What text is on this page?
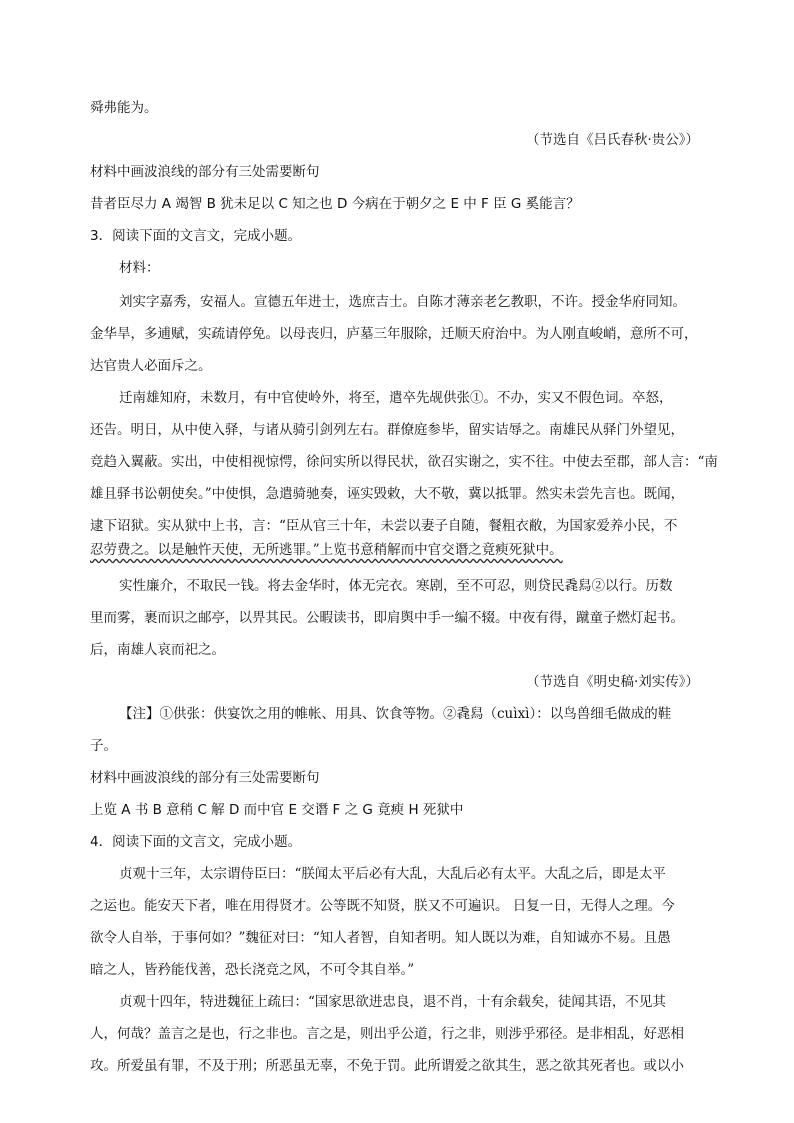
舜弗能为。
（节选自《吕氏春秋·贵公》）
材料中画波浪线的部分有三处需要断句
昔者臣尽力 A 竭智 B 犹未足以 C 知之也 D 今病在于朝夕之 E 中 F 臣 G 奚能言？
3．阅读下面的文言文，完成小题。
材料：
刘实字嘉秀，安福人。宣德五年进士，选庶吉士。自陈才薄亲老乞教职，不许。授金华府同知。
金华旱，多逋赋，实疏请停免。以母丧归，庐墓三年服除，迁顺天府治中。为人刚直峻峭，意所不可，
达官贵人必面斥之。
迁南雄知府，未数月，有中官使岭外，将至，遣卒先觇供张①。不办，实又不假色词。卒怒，
还告。明日，从中使入驿，与诸从骑引剑列左右。群僚庭参毕，留实诘辱之。南雄民从驿门外望见，
竞趋入翼蔽。实出，中使相视惊愕，徐问实所以得民状，欲召实谢之，实不往。中使去至郡，部人言：“南
雄且驿书讼朝使矣。”中使惧，急遣骑驰奏，诬实毁敕，大不敬，冀以抵罪。然实未尝先言也。既闻，
逮下诏狱。实从狱中上书，言：“臣从官三十年，未尝以妻子自随，餐粗衣敝，为国家爱养小民，不
忍劳费之。以是触忤天使，无所逃罪。”上览书意稍解而中官交谮之竟瘐死狱中。
实性廉介，不取民一钱。将去金华时，体无完衣。寒剧，至不可忍，则贷民毳舄②以行。历数
里而雾，裹而识之邮亭，以畀其民。公暇读书，即肩舆中手一编不辍。中夜有得，蹴童子燃灯起书。
后，南雄人哀而祀之。
（节选自《明史稿·刘实传》）
【注】①供张：供宴饮之用的帷帐、用具、饮食等物。②毳舄（cuìxì）：以鸟兽细毛做成的鞋
子。
材料中画波浪线的部分有三处需要断句
上览 A 书 B 意稍 C 解 D 而中官 E 交谮 F 之 G 竟瘐 H 死狱中
4．阅读下面的文言文，完成小题。
贞观十三年，太宗谓侍臣曰：“朕闻太平后必有大乱，大乱后必有太平。大乱之后，即是太平
之运也。能安天下者，唯在用得贤才。公等既不知贤，朕又不可遍识。 日复一日，无得人之理。今
欲令人自举，于事何如？”魏征对曰：“知人者智，自知者明。知人既以为难，自知诚亦不易。且愚
暗之人，皆矜能伐善，恐长浇竞之风，不可令其自举。”
贞观十四年，特进魏征上疏曰：“国家思欲进忠良，退不肖，十有余载矣，徒闻其语，不见其
人，何哉？盖言之是也，行之非也。言之是，则出乎公道，行之非，则涉乎邪径。是非相乱，好恶相
攻。所爱虽有罪，不及于刑；所恶虽无辜，不免于罚。此所谓爱之欲其生，恶之欲其死者也。或以小
